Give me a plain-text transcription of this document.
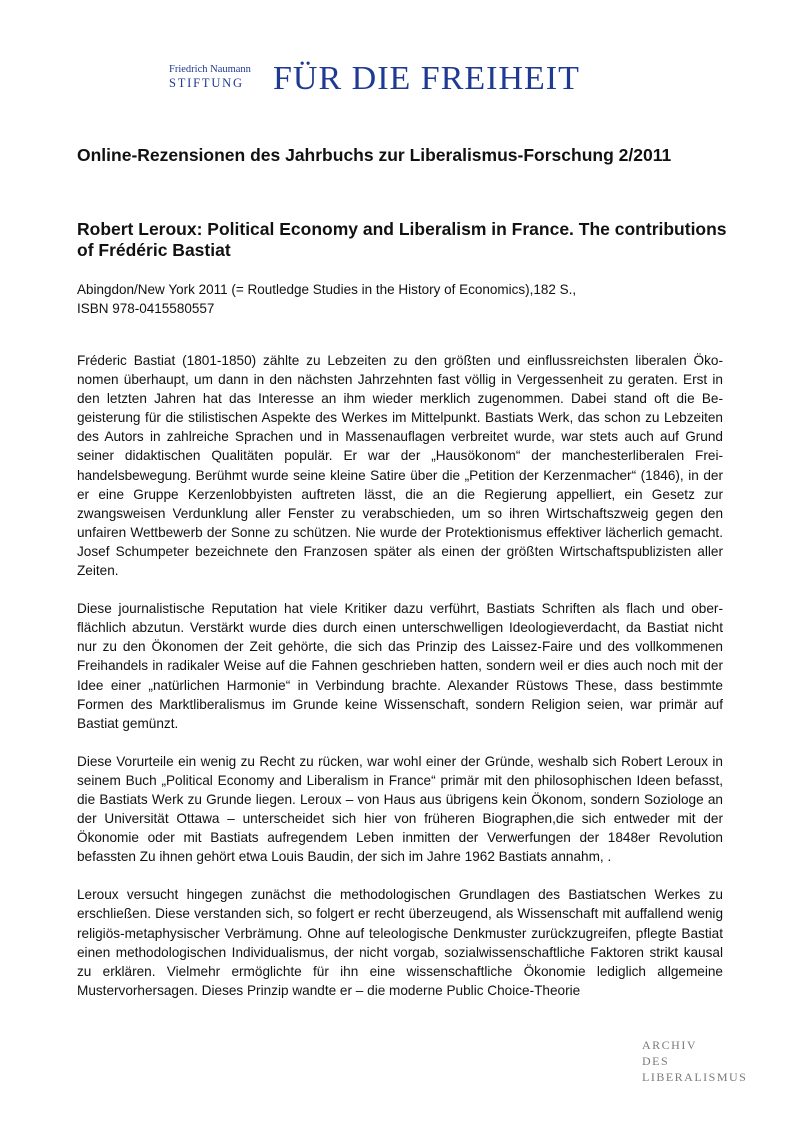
Friedrich Naumann
STIFTUNG FÜR DIE FREIHEIT
Online-Rezensionen des Jahrbuchs zur Liberalismus-Forschung 2/2011
Robert Leroux: Political Economy and Liberalism in France. The contributions of Frédéric Bastiat
Abingdon/New York 2011 (= Routledge Studies in the History of Economics),182 S.,
ISBN 978-0415580557

Fréderic Bastiat (1801-1850) zählte zu Lebzeiten zu den größten und einflussreichsten liberalen Ökonomen überhaupt, um dann in den nächsten Jahrzehnten fast völlig in Vergessenheit zu geraten. Erst in den letzten Jahren hat das Interesse an ihm wieder merklich zugenommen. Dabei stand oft die Begeisterung für die stilistischen Aspekte des Werkes im Mittelpunkt. Bastiats Werk, das schon zu Lebzeiten des Autors in zahlreiche Sprachen und in Massenauflagen verbreitet wurde, war stets auch auf Grund seiner didaktischen Qualitäten populär. Er war der „Hausökonom“ der manchesterliberalen Freihandelsbewegung. Berühmt wurde seine kleine Satire über die „Petition der Kerzenmacher“ (1846), in der er eine Gruppe Kerzenlobbyisten auftreten lässt, die an die Regierung appelliert, ein Gesetz zur zwangsweisen Verdunklung aller Fenster zu verabschieden, um so ihren Wirtschaftszweig gegen den unfairen Wettbewerb der Sonne zu schützen. Nie wurde der Protektionismus effektiver lächerlich gemacht. Josef Schumpeter bezeichnete den Franzosen später als einen der größten Wirtschaftspublizisten aller Zeiten.

Diese journalistische Reputation hat viele Kritiker dazu verführt, Bastiats Schriften als flach und oberflächlich abzutun. Verstärkt wurde dies durch einen unterschwelligen Ideologieverdacht, da Bastiat nicht nur zu den Ökonomen der Zeit gehörte, die sich das Prinzip des Laissez-Faire und des vollkommenen Freihandels in radikaler Weise auf die Fahnen geschrieben hatten, sondern weil er dies auch noch mit der Idee einer „natürlichen Harmonie“ in Verbindung brachte. Alexander Rüstows These, dass bestimmte Formen des Marktliberalismus im Grunde keine Wissenschaft, sondern Religion seien, war primär auf Bastiat gemünzt.

Diese Vorurteile ein wenig zu Recht zu rücken, war wohl einer der Gründe, weshalb sich Robert Leroux in seinem Buch „Political Economy and Liberalism in France“ primär mit den philosophischen Ideen befasst, die Bastiats Werk zu Grunde liegen. Leroux – von Haus aus übrigens kein Ökonom, sondern Soziologe an der Universität Ottawa – unterscheidet sich hier von früheren Biographen,die sich entweder mit der Ökonomie oder mit Bastiats aufregendem Leben inmitten der Verwerfungen der 1848er Revolution befassten Zu ihnen gehört etwa Louis Baudin, der sich im Jahre 1962 Bastiats annahm, .

Leroux versucht hingegen zunächst die methodologischen Grundlagen des Bastiatschen Werkes zu erschließen. Diese verstanden sich, so folgert er recht überzeugend, als Wissenschaft mit auffallend wenig religiös-metaphysischer Verbrämung. Ohne auf teleologische Denkmuster zurückzugreifen, pflegte Bastiat einen methodologischen Individualismus, der nicht vorgab, sozialwissenschaftliche Faktoren strikt kausal zu erklären. Vielmehr ermöglichte für ihn eine wissenschaftliche Ökonomie lediglich allgemeine Mustervorhersagen. Dieses Prinzip wandte er – die moderne Public Choice-Theorie

ARCHIV
DES
LIBERALISMUS
